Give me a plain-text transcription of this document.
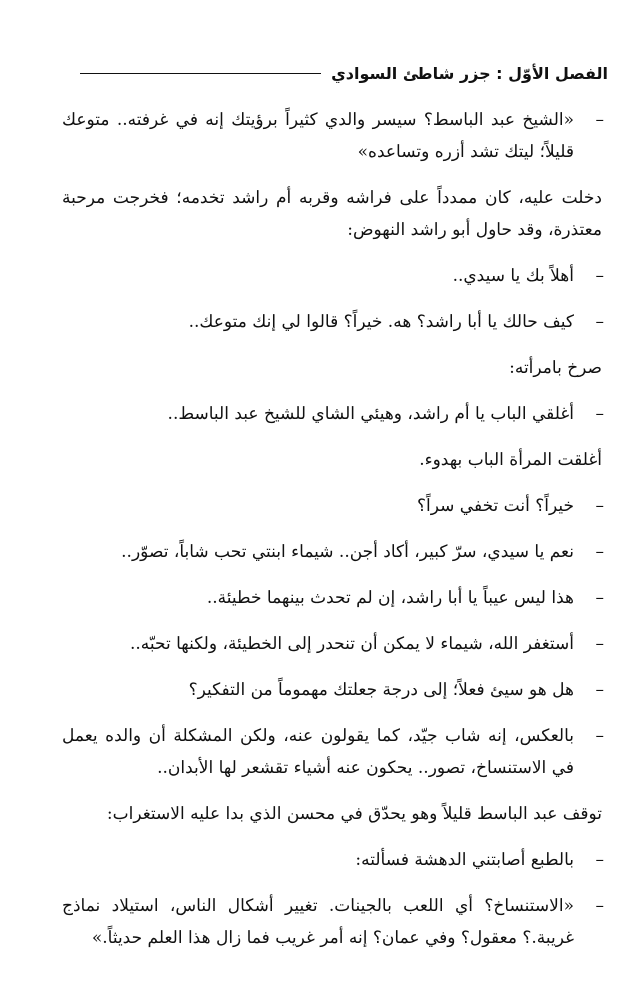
الفصل الأوّل : جزر شاطئ السوادي
–
«الشيخ عبد الباسط؟ سيسر والدي كثيراً برؤيتك إنه في غرفته.. متوعك قليلاً؛ ليتك تشد أزره وتساعده»
دخلت عليه، كان ممدداً على فراشه وقربه أم راشد تخدمه؛ فخرجت مرحبة معتذرة، وقد حاول أبو راشد النهوض:
–
أهلاً بك يا سيدي..
–
كيف حالك يا أبا راشد؟ هه. خيراً؟ قالوا لي إنك متوعك..
صرخ بامرأته:
–
أغلقي الباب يا أم راشد، وهيئي الشاي للشيخ عبد الباسط..
أغلقت المرأة الباب بهدوء.
–
خيراً؟ أنت تخفي سراً؟
–
نعم يا سيدي، سرّ كبير، أكاد أجن.. شيماء ابنتي تحب شاباً، تصوّر..
–
هذا ليس عيباً يا أبا راشد، إن لم تحدث بينهما خطيئة..
–
أستغفر الله، شيماء لا يمكن أن تنحدر إلى الخطيئة، ولكنها تحبّه..
–
هل هو سيئ فعلاً؛ إلى درجة جعلتك مهموماً من التفكير؟
–
بالعكس، إنه شاب جيّد، كما يقولون عنه، ولكن المشكلة أن والده يعمل في الاستنساخ، تصور.. يحكون عنه أشياء تقشعر لها الأبدان..
توقف عبد الباسط قليلاً وهو يحدّق في محسن الذي بدا عليه الاستغراب:
–
بالطبع أصابتني الدهشة فسألته:
–
«الاستنساخ؟ أي اللعب بالجينات. تغيير أشكال الناس، استيلاد نماذج غريبة.؟ معقول؟ وفي عمان؟ إنه أمر غريب فما زال هذا العلم حديثاً.»
